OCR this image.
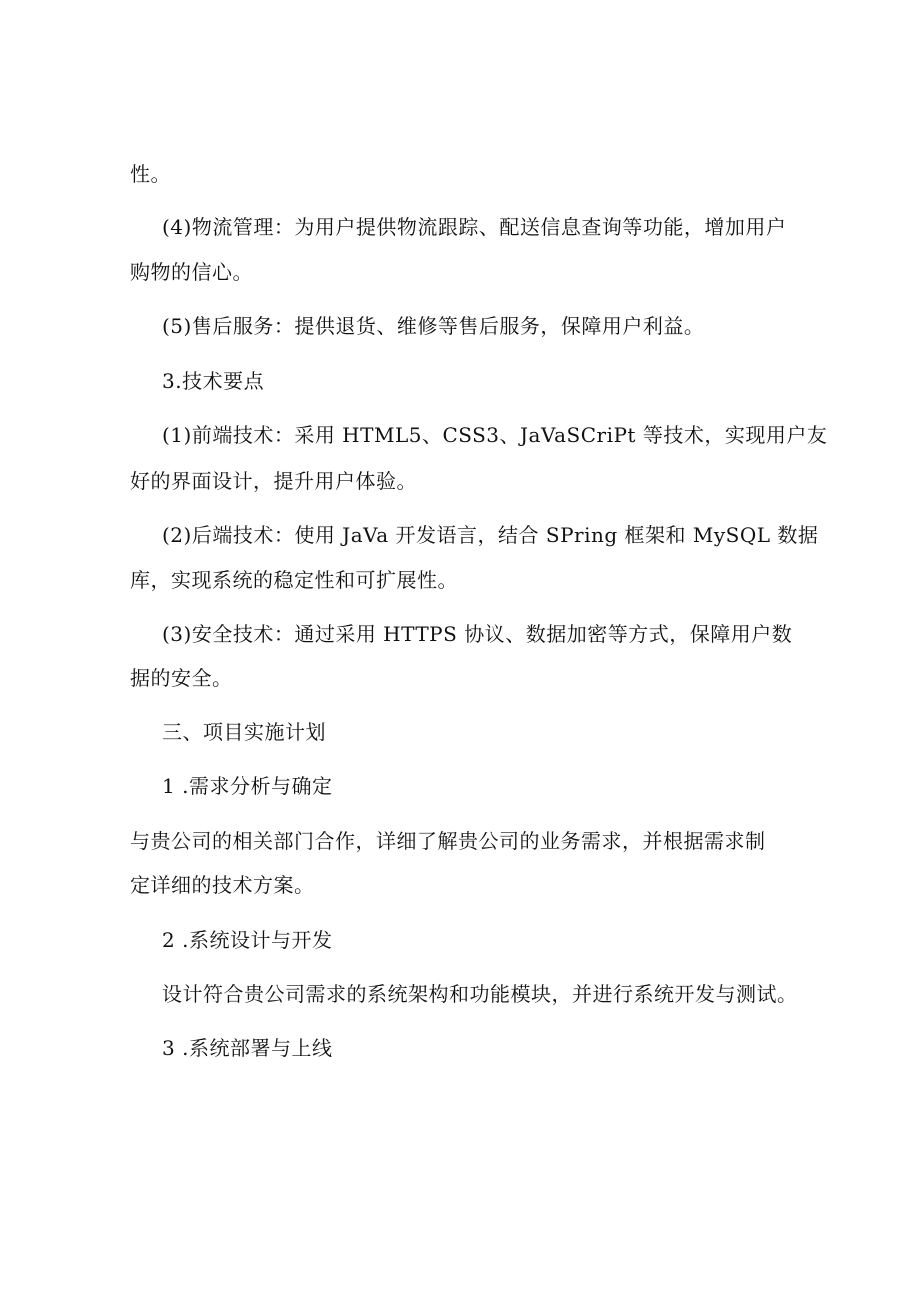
性。
(4)物流管理：为用户提供物流跟踪、配送信息查询等功能，增加用户
购物的信心。
(5)售后服务：提供退货、维修等售后服务，保障用户利益。
3.技术要点
(1)前端技术：采用 HTML5、CSS3、JaVaSCriPt 等技术，实现用户友
好的界面设计，提升用户体验。
(2)后端技术：使用 JaVa 开发语言，结合 SPring 框架和 MySQL 数据
库，实现系统的稳定性和可扩展性。
(3)安全技术：通过采用 HTTPS 协议、数据加密等方式，保障用户数
据的安全。
三、项目实施计划
1 .需求分析与确定
与贵公司的相关部门合作，详细了解贵公司的业务需求，并根据需求制
定详细的技术方案。
2 .系统设计与开发
设计符合贵公司需求的系统架构和功能模块，并进行系统开发与测试。
3 .系统部署与上线
